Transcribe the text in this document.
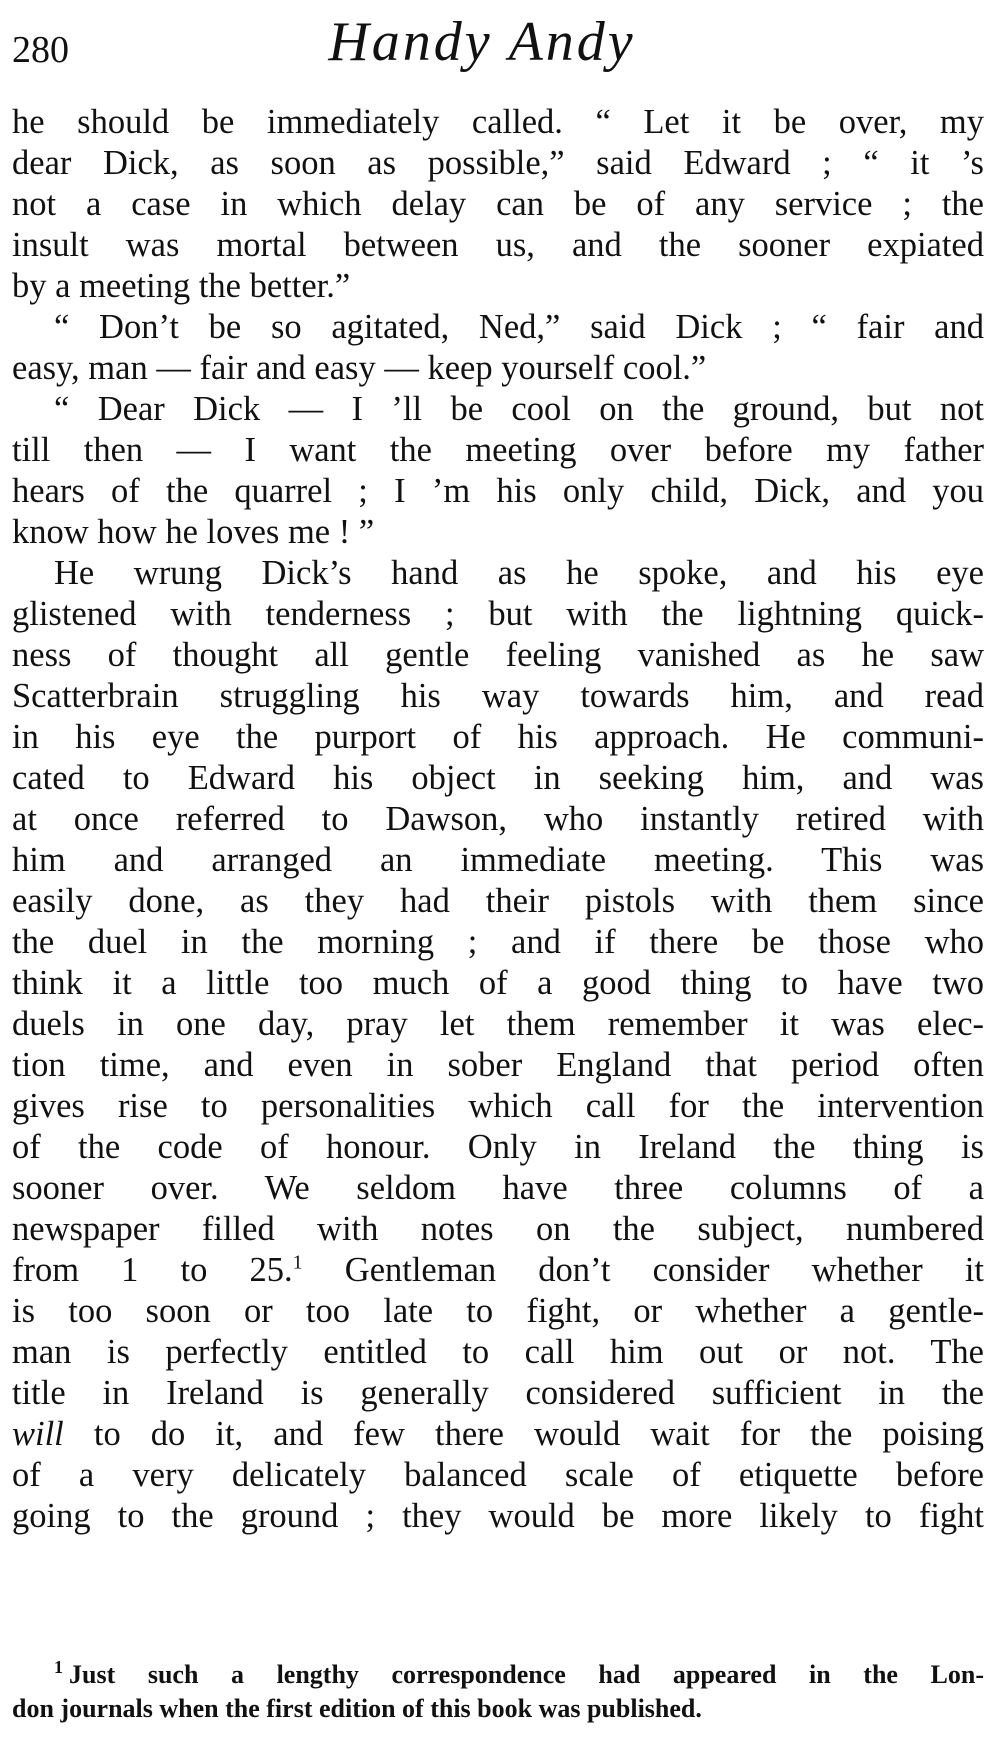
280	Handy Andy
he should be immediately called. “ Let it be over, my
dear Dick, as soon as possible,” said Edward ; “ it ’s
not a case in which delay can be of any service ; the
insult was mortal between us, and the sooner expiated
by a meeting the better.”
“ Don’t be so agitated, Ned,” said Dick ; “ fair and
easy, man — fair and easy — keep yourself cool.”
“ Dear Dick — I ’ll be cool on the ground, but not
till then — I want the meeting over before my father
hears of the quarrel ; I ’m his only child, Dick, and you
know how he loves me ! ”
He wrung Dick’s hand as he spoke, and his eye
glistened with tenderness ; but with the lightning quick-
ness of thought all gentle feeling vanished as he saw
Scatterbrain struggling his way towards him, and read
in his eye the purport of his approach. He communi-
cated to Edward his object in seeking him, and was
at once referred to Dawson, who instantly retired with
him and arranged an immediate meeting. This was
easily done, as they had their pistols with them since
the duel in the morning ; and if there be those who
think it a little too much of a good thing to have two
duels in one day, pray let them remember it was elec-
tion time, and even in sober England that period often
gives rise to personalities which call for the intervention
of the code of honour. Only in Ireland the thing is
sooner over. We seldom have three columns of a
newspaper filled with notes on the subject, numbered
from 1 to 25.$^1$ Gentleman don’t consider whether it
is too soon or too late to fight, or whether a gentle-
man is perfectly entitled to call him out or not. The
title in Ireland is generally considered sufficient in the
will to do it, and few there would wait for the poising
of a very delicately balanced scale of etiquette before
going to the ground ; they would be more likely to fight
$^1$ Just such a lengthy correspondence had appeared in the Lon-
don journals when the first edition of this book was published.
